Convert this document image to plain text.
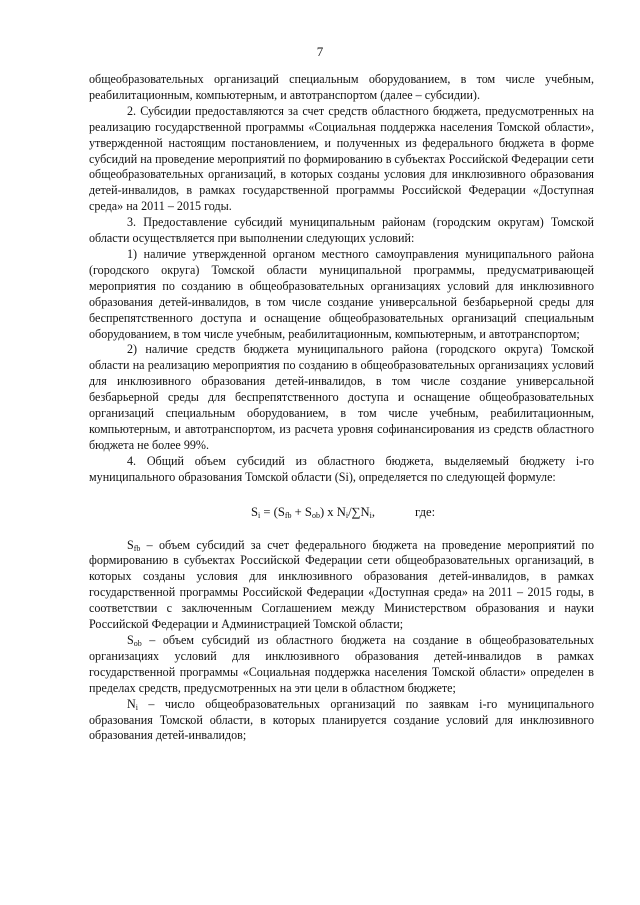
7

общеобразовательных организаций специальным оборудованием, в том числе учебным, реабилитационным, компьютерным, и автотранспортом (далее – субсидии).

2. Субсидии предоставляются за счет средств областного бюджета, предусмотренных на реализацию государственной программы «Социальная поддержка населения Томской области», утвержденной настоящим постановлением, и полученных из федерального бюджета в форме субсидий на проведение мероприятий по формированию в субъектах Российской Федерации сети общеобразовательных организаций, в которых созданы условия для инклюзивного образования детей-инвалидов, в рамках государственной программы Российской Федерации «Доступная среда» на 2011 – 2015 годы.

3. Предоставление субсидий муниципальным районам (городским округам) Томской области осуществляется при выполнении следующих условий:

1) наличие утвержденной органом местного самоуправления муниципального района (городского округа) Томской области муниципальной программы, предусматривающей мероприятия по созданию в общеобразовательных организациях условий для инклюзивного образования детей-инвалидов, в том числе создание универсальной безбарьерной среды для беспрепятственного доступа и оснащение общеобразовательных организаций специальным оборудованием, в том числе учебным, реабилитационным, компьютерным, и автотранспортом;

2) наличие средств бюджета муниципального района (городского округа) Томской области на реализацию мероприятия по созданию в общеобразовательных организациях условий для инклюзивного образования детей-инвалидов, в том числе создание универсальной безбарьерной среды для беспрепятственного доступа и оснащение общеобразовательных организаций специальным оборудованием, в том числе учебным, реабилитационным, компьютерным, и автотранспортом, из расчета уровня софинансирования из средств областного бюджета не более 99%.

4. Общий объем субсидий из областного бюджета, выделяемый бюджету i-го муниципального образования Томской области (Si), определяется по следующей формуле:

$S_i = (S_{fb} + S_{ob})$ x $N_i/\sum N_i$,	где:

$S_{fb}$ – объем субсидий за счет федерального бюджета на проведение мероприятий по формированию в субъектах Российской Федерации сети общеобразовательных организаций, в которых созданы условия для инклюзивного образования детей-инвалидов, в рамках государственной программы Российской Федерации «Доступная среда» на 2011 – 2015 годы, в соответствии с заключенным Соглашением между Министерством образования и науки Российской Федерации и Администрацией Томской области;

$S_{ob}$ – объем субсидий из областного бюджета на создание в общеобразовательных организациях условий для инклюзивного образования детей-инвалидов в рамках государственной программы «Социальная поддержка населения Томской области» определен в пределах средств, предусмотренных на эти цели в областном бюджете;

$N_i$ – число общеобразовательных организаций по заявкам i-го муниципального образования Томской области, в которых планируется создание условий для инклюзивного образования детей-инвалидов;
